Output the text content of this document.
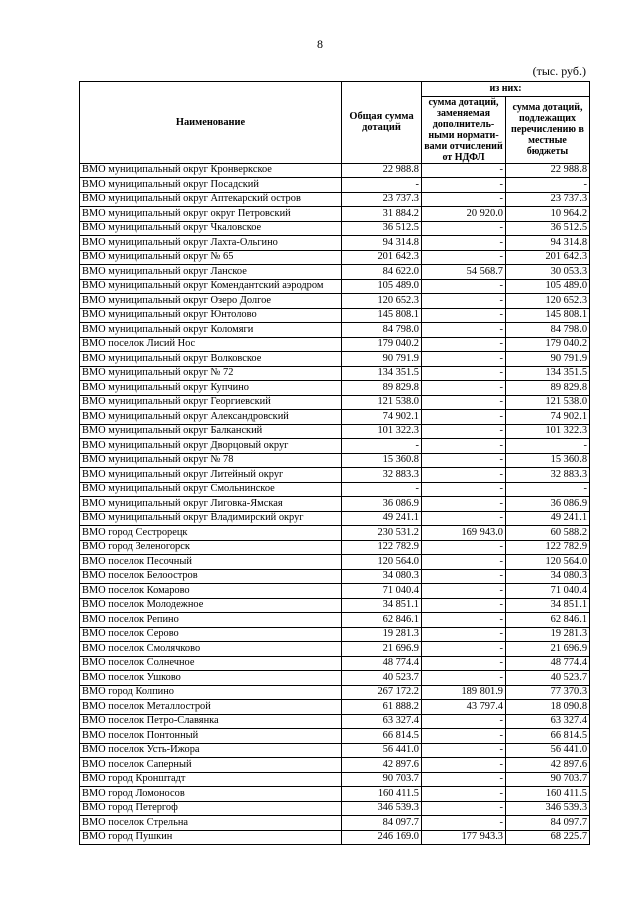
8
(тыс. руб.)
Наименование	Общая сумма дотаций	из них:	
		сумма дотаций, заменяемая дополнитель-ными нормати-вами отчислений от НДФЛ	сумма дотаций, подлежащих перечислению в местные бюджеты
ВМО муниципальный округ Кронверкское	22 988.8	-	22 988.8
ВМО муниципальный округ Посадский	-	-	-
ВМО муниципальный округ Аптекарский остров	23 737.3	-	23 737.3
ВМО муниципальный округ округ Петровский	31 884.2	20 920.0	10 964.2
ВМО муниципальный округ Чкаловское	36 512.5	-	36 512.5
ВМО муниципальный округ Лахта-Ольгино	94 314.8	-	94 314.8
ВМО муниципальный округ № 65	201 642.3	-	201 642.3
ВМО муниципальный округ Ланское	84 622.0	54 568.7	30 053.3
ВМО муниципальный округ Комендантский аэродром	105 489.0	-	105 489.0
ВМО муниципальный округ Озеро Долгое	120 652.3	-	120 652.3
ВМО муниципальный округ Юнтолово	145 808.1	-	145 808.1
ВМО муниципальный округ Коломяги	84 798.0	-	84 798.0
ВМО поселок Лисий Нос	179 040.2	-	179 040.2
ВМО муниципальный округ Волковское	90 791.9	-	90 791.9
ВМО муниципальный округ № 72	134 351.5	-	134 351.5
ВМО муниципальный округ Купчино	89 829.8	-	89 829.8
ВМО муниципальный округ Георгиевский	121 538.0	-	121 538.0
ВМО муниципальный округ Александровский	74 902.1	-	74 902.1
ВМО муниципальный округ Балканский	101 322.3	-	101 322.3
ВМО муниципальный округ Дворцовый округ	-	-	-
ВМО муниципальный округ № 78	15 360.8	-	15 360.8
ВМО муниципальный округ Литейный округ	32 883.3	-	32 883.3
ВМО муниципальный округ Смольнинское	-	-	-
ВМО муниципальный округ Лиговка-Ямская	36 086.9	-	36 086.9
ВМО муниципальный округ Владимирский округ	49 241.1	-	49 241.1
ВМО город Сестрорецк	230 531.2	169 943.0	60 588.2
ВМО город Зеленогорск	122 782.9	-	122 782.9
ВМО поселок Песочный	120 564.0	-	120 564.0
ВМО поселок Белоостров	34 080.3	-	34 080.3
ВМО поселок Комарово	71 040.4	-	71 040.4
ВМО поселок Молодежное	34 851.1	-	34 851.1
ВМО поселок Репино	62 846.1	-	62 846.1
ВМО поселок Серово	19 281.3	-	19 281.3
ВМО поселок Смолячково	21 696.9	-	21 696.9
ВМО поселок Солнечное	48 774.4	-	48 774.4
ВМО поселок Ушково	40 523.7	-	40 523.7
ВМО город Колпино	267 172.2	189 801.9	77 370.3
ВМО поселок Металлострой	61 888.2	43 797.4	18 090.8
ВМО поселок Петро-Славянка	63 327.4	-	63 327.4
ВМО поселок Понтонный	66 814.5	-	66 814.5
ВМО поселок Усть-Ижора	56 441.0	-	56 441.0
ВМО поселок Саперный	42 897.6	-	42 897.6
ВМО город Кронштадт	90 703.7	-	90 703.7
ВМО город Ломоносов	160 411.5	-	160 411.5
ВМО город Петергоф	346 539.3	-	346 539.3
ВМО поселок Стрельна	84 097.7	-	84 097.7
ВМО город Пушкин	246 169.0	177 943.3	68 225.7
